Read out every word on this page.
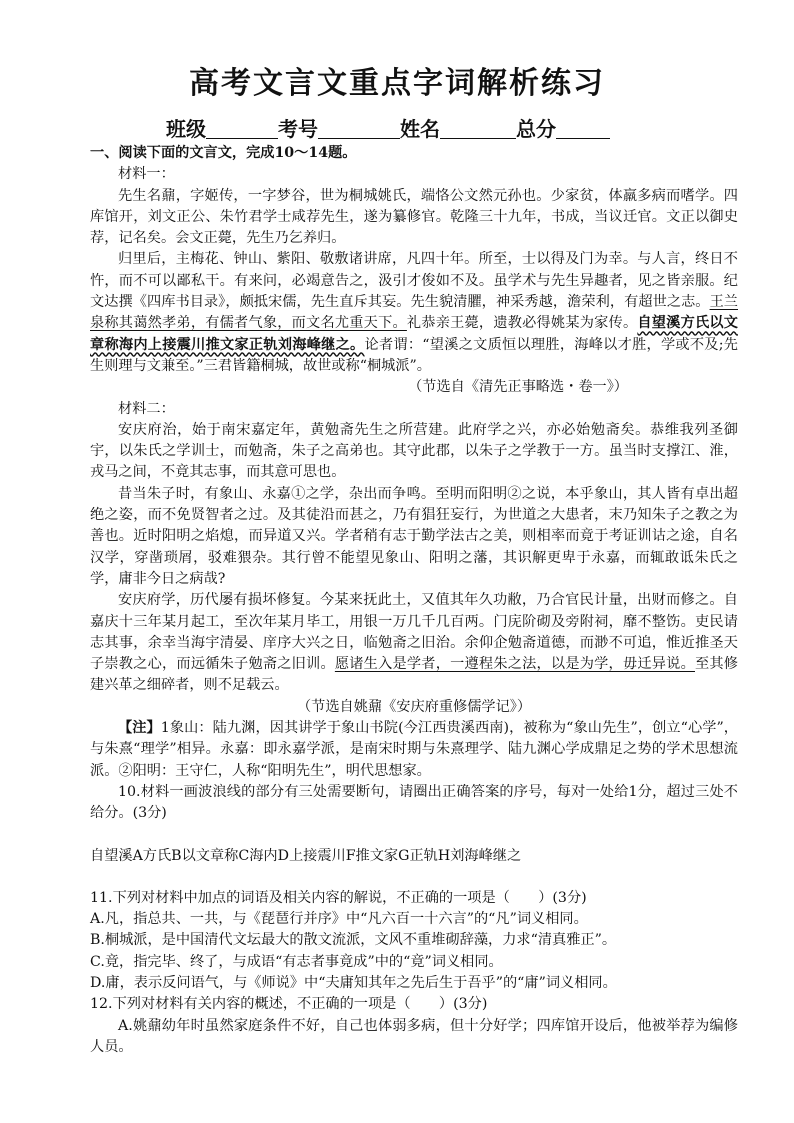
高考文言文重点字词解析练习
班级	考号	姓名	总分

一、阅读下面的文言文，完成10～14题。

材料一：

先生名鼐，字姬传，一字梦谷，世为桐城姚氏，端恪公文然元孙也。少家贫，体羸多病而嗜学。四库馆开，刘文正公、朱竹君学士咸荐先生，遂为纂修官。乾隆三十九年，书成，当议迁官。文正以御史荐，记名矣。会文正薨，先生乃乞养归。

归里后，主梅花、钟山、紫阳、敬敷诸讲席，凡四十年。所至，士以得及门为幸。与人言，终日不忤，而不可以鄙私干。有来问，必竭意告之，汲引才俊如不及。虽学术与先生异趣者，见之皆亲服。纪文达撰《四库书目录》，颇抵宋儒，先生直斥其妄。先生貌清臞，神采秀越，澹荣利，有超世之志。王兰泉称其蔼然孝弟，有儒者气象，而文名尤重天下。礼恭亲王薨，遗教必得姚某为家传。自望溪方氏以文章称海内上接震川推文家正轨刘海峰继之。论者谓：“望溪之文质恒以理胜，海峰以才胜，学或不及;先生则理与文兼至。”三君皆籍桐城，故世或称“桐城派”。

（节选自《清先正事略选・卷一》）

材料二：

安庆府治，始于南宋嘉定年，黄勉斋先生之所营建。此府学之兴，亦必始勉斋矣。恭维我列圣御宇，以朱氏之学训士，而勉斋，朱子之高弟也。其守此郡，以朱子之学教于一方。虽当时支撑江、淮，戎马之间，不竟其志事，而其意可思也。

昔当朱子时，有象山、永嘉①之学，杂出而争鸣。至明而阳明②之说，本乎象山，其人皆有卓出超绝之姿，而不免贤智者之过。及其徒沿而甚之，乃有猖狂妄行，为世道之大患者，末乃知朱子之教之为善也。近时阳明之焰熄，而异道又兴。学者稍有志于勤学法古之美，则相率而竟于考证训诂之途，自名汉学，穿凿琐屑，驳难猥杂。其行曾不能望见象山、阳明之藩，其识解更卑于永嘉，而辄敢诋朱氏之学，庸非今日之病哉?

安庆府学，历代屡有损坏修复。今某来抚此土，又值其年久功敝，乃合官民计量，出财而修之。自嘉庆十三年某月起工，至次年某月毕工，用银一万几千几百两。门庑阶砌及旁附祠，靡不整饬。吏民请志其事，余幸当海宇清晏、庠序大兴之日，临勉斋之旧治。余仰企勉斋道德，而渺不可追，惟近推圣天子崇教之心，而远循朱子勉斋之旧训。愿诸生入是学者，一遵程朱之法，以是为学，毋迁异说。至其修建兴革之细碎者，则不足载云。

（节选自姚鼐《安庆府重修儒学记》）

【注】1象山：陆九渊，因其讲学于象山书院(今江西贵溪西南)，被称为“象山先生”，创立“心学”，与朱熹“理学”相异。永嘉：即永嘉学派，是南宋时期与朱熹理学、陆九渊心学成鼎足之势的学术思想流派。②阳明：王守仁，人称“阳明先生”，明代思想家。

10.材料一画波浪线的部分有三处需要断句，请圈出正确答案的序号，每对一处给1分，超过三处不给分。(3分)

自望溪A方氏B以文章称C海内D上接震川F推文家G正轨H刘海峰继之

11.下列对材料中加点的词语及相关内容的解说，不正确的一项是（　　）(3分)

A.凡，指总共、一共，与《琵琶行并序》中“凡六百一十六言”的“凡”词义相同。

B.桐城派，是中国清代文坛最大的散文流派，文风不重堆砌辞藻，力求“清真雅正”。

C.竟，指完毕、终了，与成语“有志者事竟成”中的“竟”词义相同。

D.庸，表示反问语气，与《师说》中“夫庸知其年之先后生于吾乎”的“庸”词义相同。

12.下列对材料有关内容的概述，不正确的一项是（　　）(3分)

A.姚鼐幼年时虽然家庭条件不好，自己也体弱多病，但十分好学；四库馆开设后，他被举荐为编修人员。
